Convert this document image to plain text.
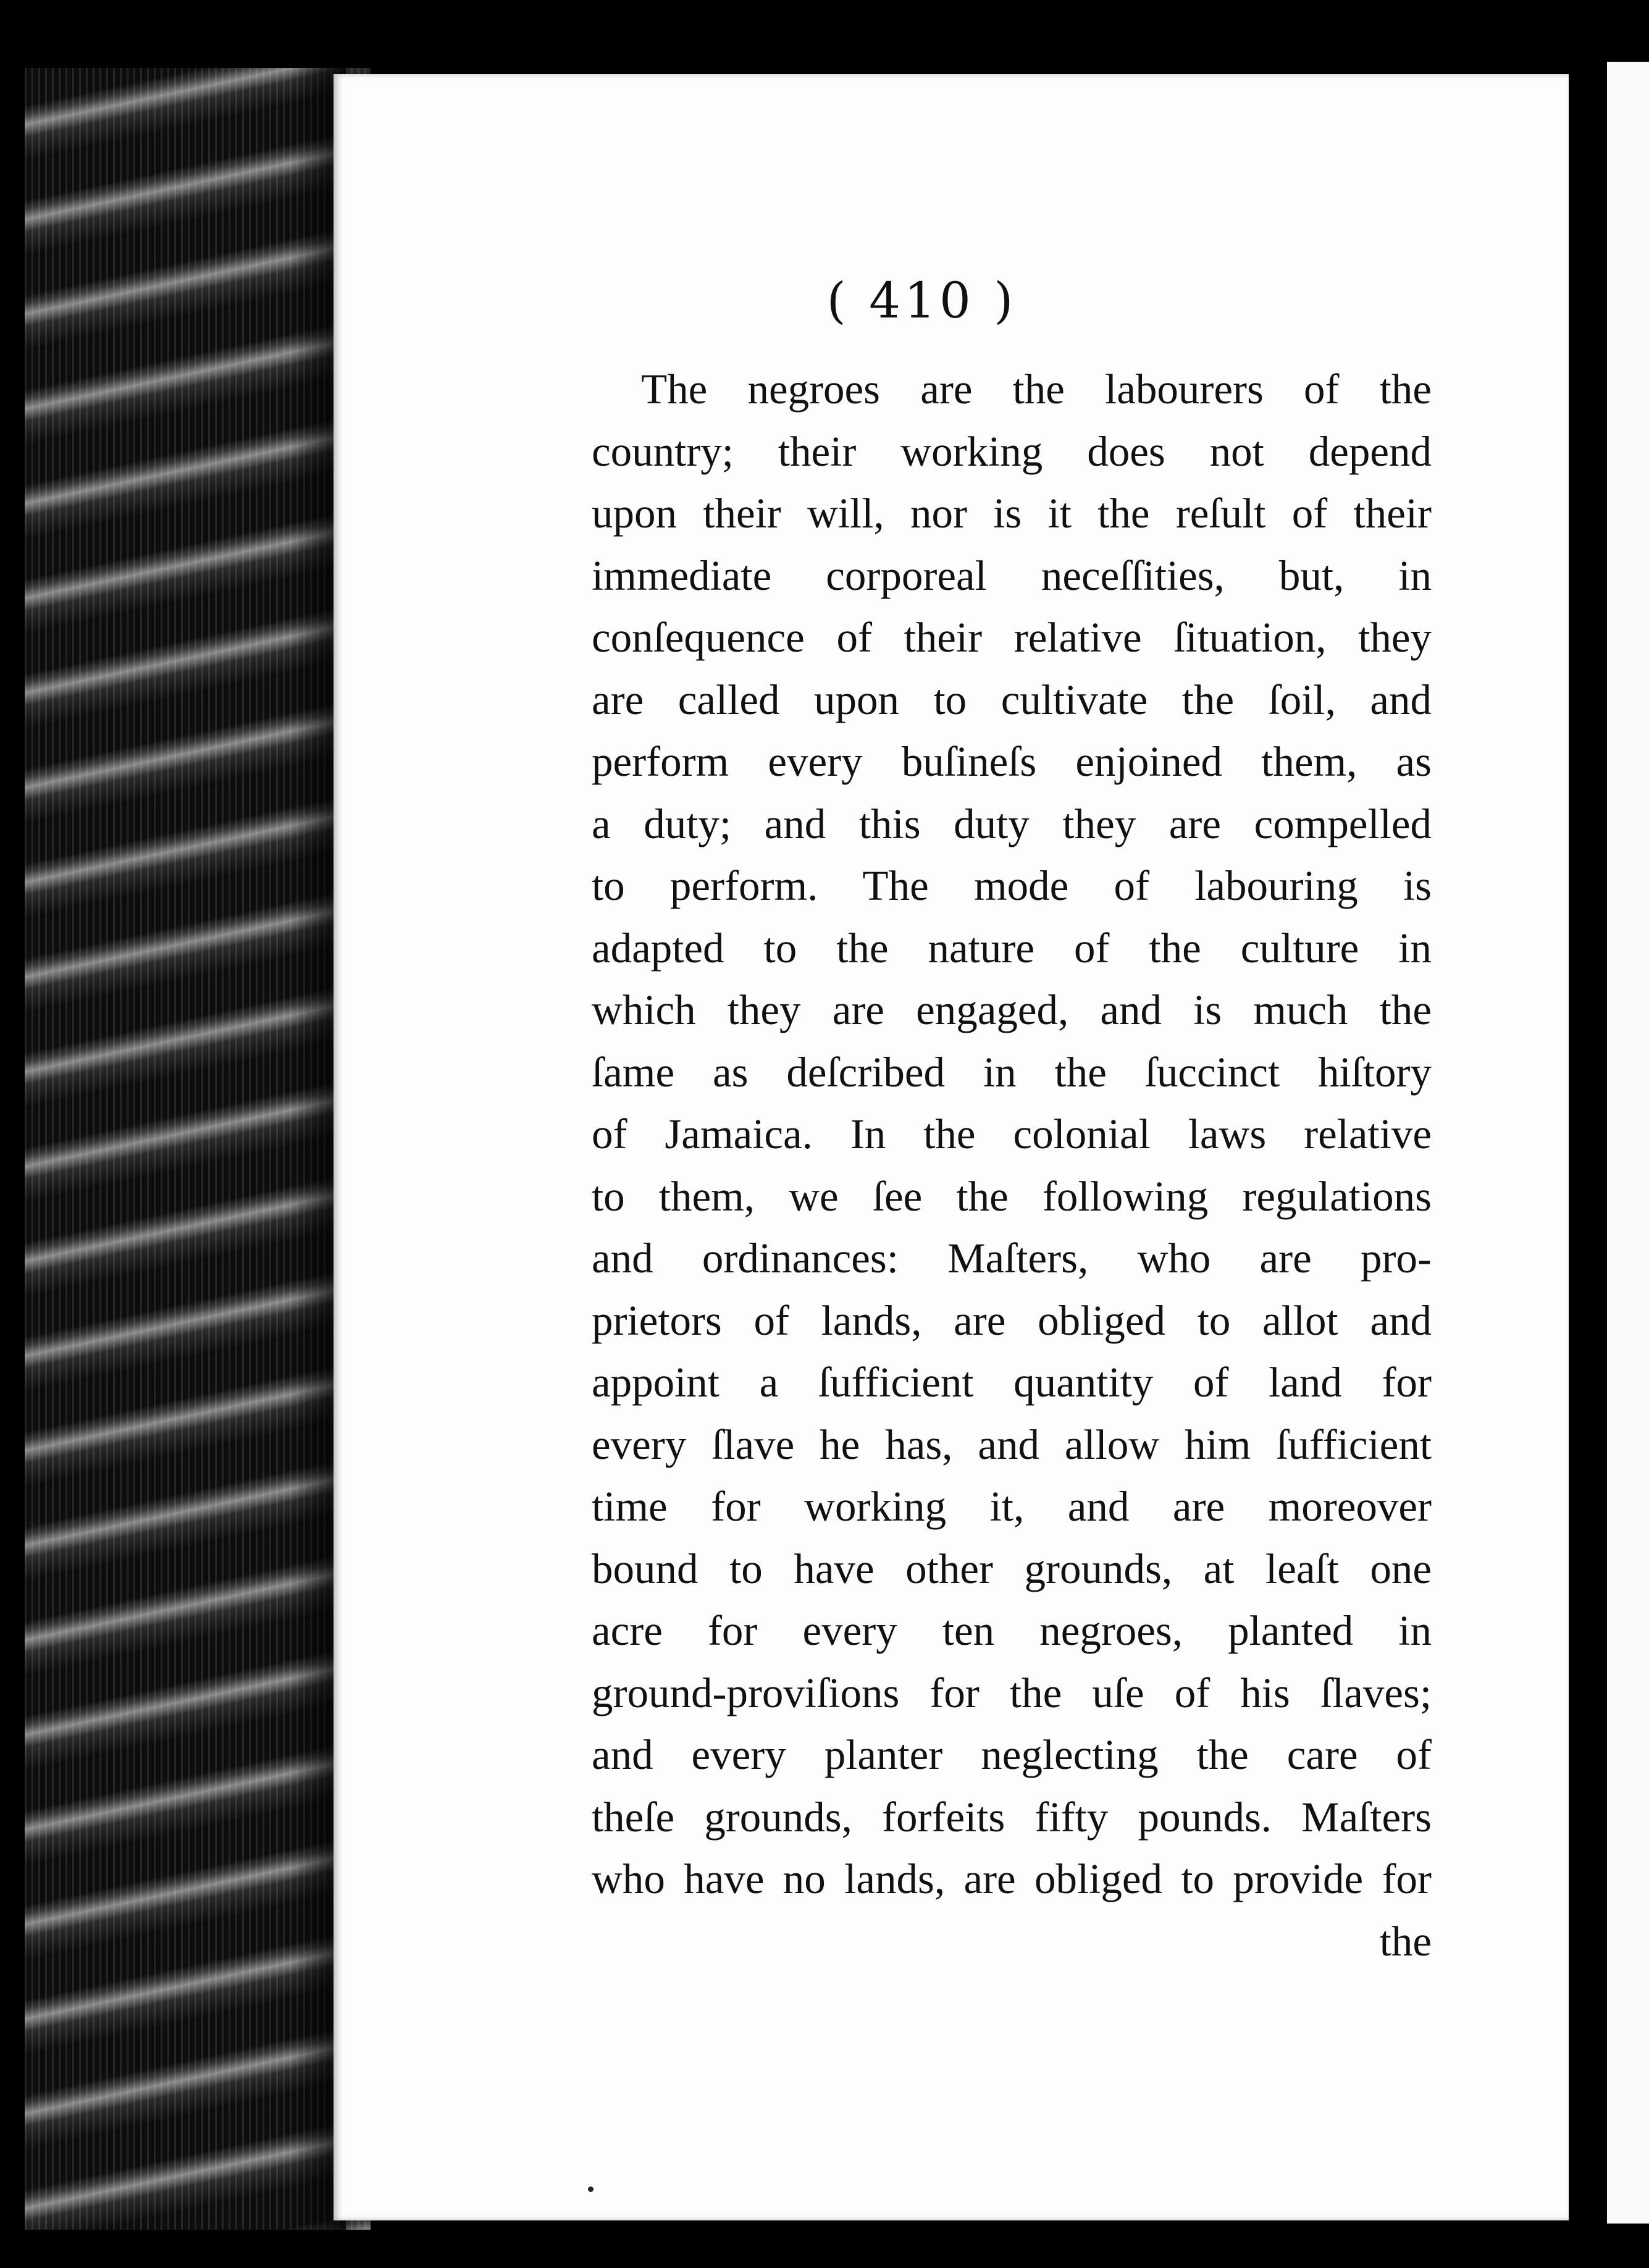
( 410 )
The negroes are the labourers of the
country; their working does not depend
upon their will, nor is it the reſult of their
immediate corporeal neceſſities, but, in
conſequence of their relative ſituation, they
are called upon to cultivate the ſoil, and
perform every buſineſs enjoined them, as
a duty; and this duty they are compelled
to perform. The mode of labouring is
adapted to the nature of the culture in
which they are engaged, and is much the
ſame as deſcribed in the ſuccinct hiſtory
of Jamaica. In the colonial laws relative
to them, we ſee the following regulations
and ordinances: Maſters, who are pro-
prietors of lands, are obliged to allot and
appoint a ſufficient quantity of land for
every ſlave he has, and allow him ſufficient
time for working it, and are moreover
bound to have other grounds, at leaſt one
acre for every ten negroes, planted in
ground-proviſions for the uſe of his ſlaves;
and every planter neglecting the care of
theſe grounds, forfeits fifty pounds. Maſters
who have no lands, are obliged to provide for
the
